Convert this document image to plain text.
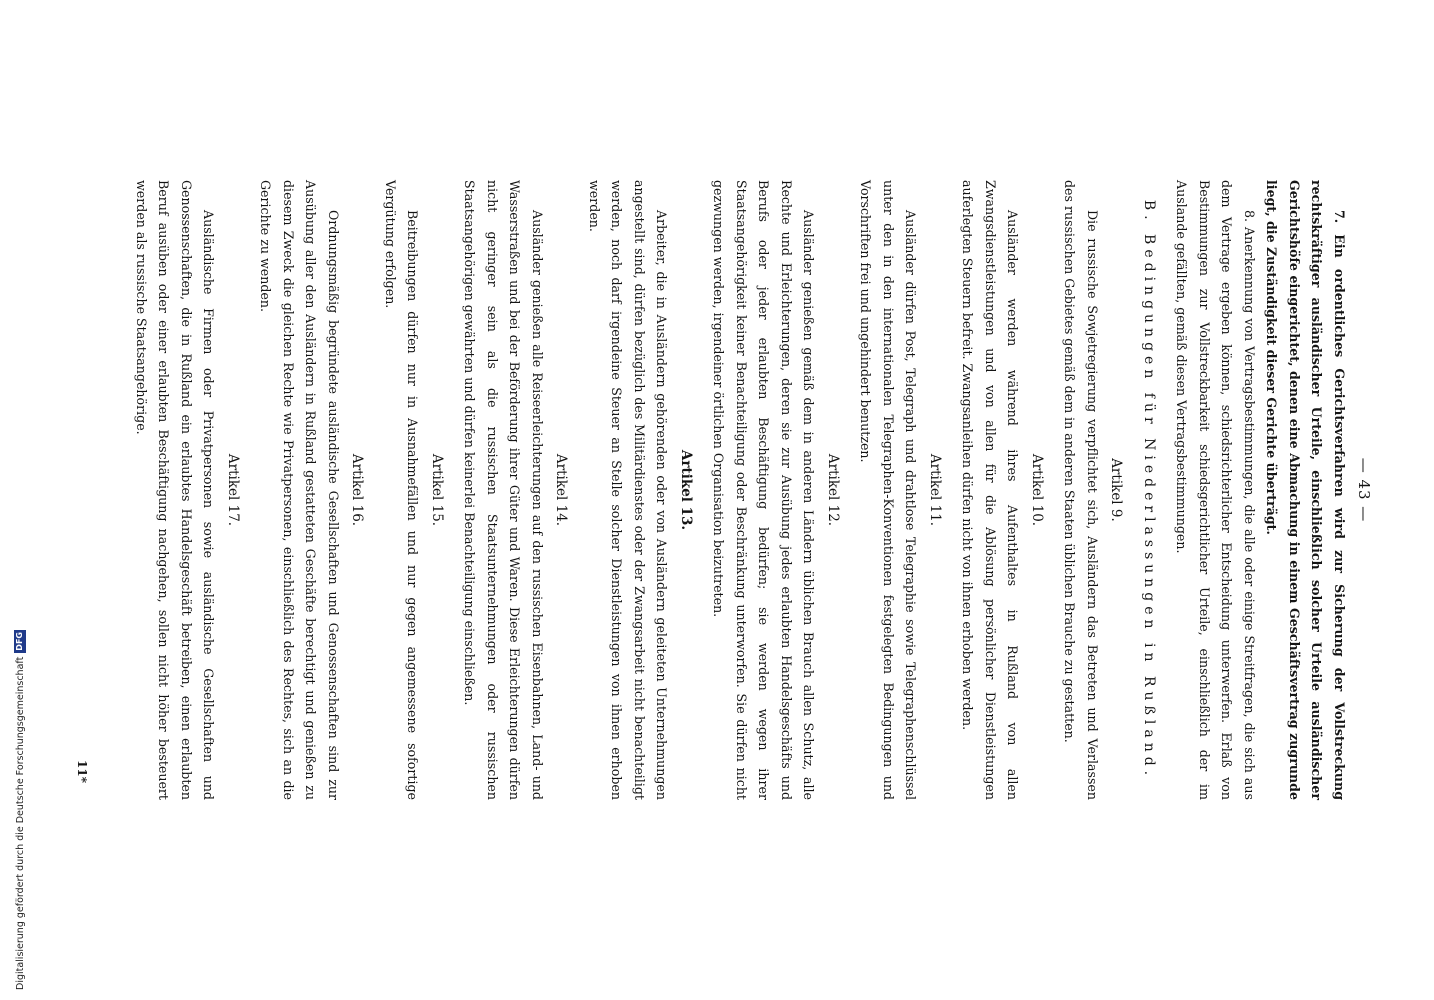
— 43 —

7. Ein ordentliches Gerichtsverfahren wird zur Sicherung der Vollstreckung rechtskräftiger ausländischer Urteile, einschließlich solcher Urteile ausländischer Gerichtshöfe eingerichtet, denen eine Abmachung in einem Geschäftsvertrag zugrunde liegt, die Zuständigkeit dieser Gerichte überträgt.

8. Anerkennung von Vertragsbestimmungen, die alle oder einige Streitfragen, die sich aus dem Vertrage ergeben können, schiedsrichterlicher Entscheidung unterwerfen. Erlaß von Bestimmungen zur Vollstreckbarkeit schiedsgerichtlicher Urteile, einschließlich der im Auslande gefällten, gemäß diesen Vertragsbestimmungen.

B. Bedingungen für Niederlassungen in Rußland.
Artikel 9.

Die russische Sowjetregierung verpflichtet sich, Ausländern das Betreten und Verlassen des russischen Gebietes gemäß dem in anderen Staaten üblichen Brauche zu gestatten.

Artikel 10.

Ausländer werden während ihres Aufenthaltes in Rußland von allen Zwangsdienstleistungen und von allen für die Ablösung persönlicher Dienstleistungen auferlegten Steuern befreit. Zwangsanleihen dürfen nicht von ihnen erhoben werden.

Artikel 11.

Ausländer dürfen Post, Telegraph und drahtlose Telegraphie sowie Telegraphenschlüssel unter den in den internationalen Telegraphen-Konventionen festgelegten Bedingungen und Vorschriften frei und ungehindert benutzen.

Artikel 12.

Ausländer genießen gemäß dem in anderen Ländern üblichen Brauch allen Schutz, alle Rechte und Erleichterungen, deren sie zur Ausübung jedes erlaubten Handelsgeschäfts und Berufs oder jeder erlaubten Beschäftigung bedürfen; sie werden wegen ihrer Staatsangehörigkeit keiner Benachteiligung oder Beschränkung unterworfen. Sie dürfen nicht gezwungen werden, irgendeiner örtlichen Organisation beizutreten.

Artikel 13.

Arbeiter, die in Ausländern gehörenden oder von Ausländern geleiteten Unternehmungen angestellt sind, dürfen bezüglich des Militärdienstes oder der Zwangsarbeit nicht benachteiligt werden, noch darf irgendeine Steuer an Stelle solcher Dienstleistungen von ihnen erhoben werden.

Artikel 14.

Ausländer genießen alle Reiseerleichterungen auf den russischen Eisenbahnen, Land- und Wasserstraßen und bei der Beförderung ihrer Güter und Waren. Diese Erleichterungen dürfen nicht geringer sein als die russischen Staatsunternehmungen oder russischen Staatsangehörigen gewährten und dürfen keinerlei Benachteiligung einschließen.

Artikel 15.

Beitreibungen dürfen nur in Ausnahmefällen und nur gegen angemessene sofortige Vergütung erfolgen.

Artikel 16.

Ordnungsmäßig begründete ausländische Gesellschaften und Genossenschaften sind zur Ausübung aller den Ausländern in Rußland gestatteten Geschäfte berechtigt und genießen zu diesem Zweck die gleichen Rechte wie Privatpersonen, einschließlich des Rechtes, sich an die Gerichte zu wenden.

Artikel 17.

Ausländische Firmen oder Privatpersonen sowie ausländische Gesellschaften und Genossenschaften, die in Rußland ein erlaubtes Handelsgeschäft betreiben, einen erlaubten Beruf ausüben oder einer erlaubten Beschäftigung nachgehen, sollen nicht höher besteuert werden als russische Staatsangehörige.

11*
Digitalisierung gefördert durch die Deutsche Forschungsgemeinschaft
DFG
